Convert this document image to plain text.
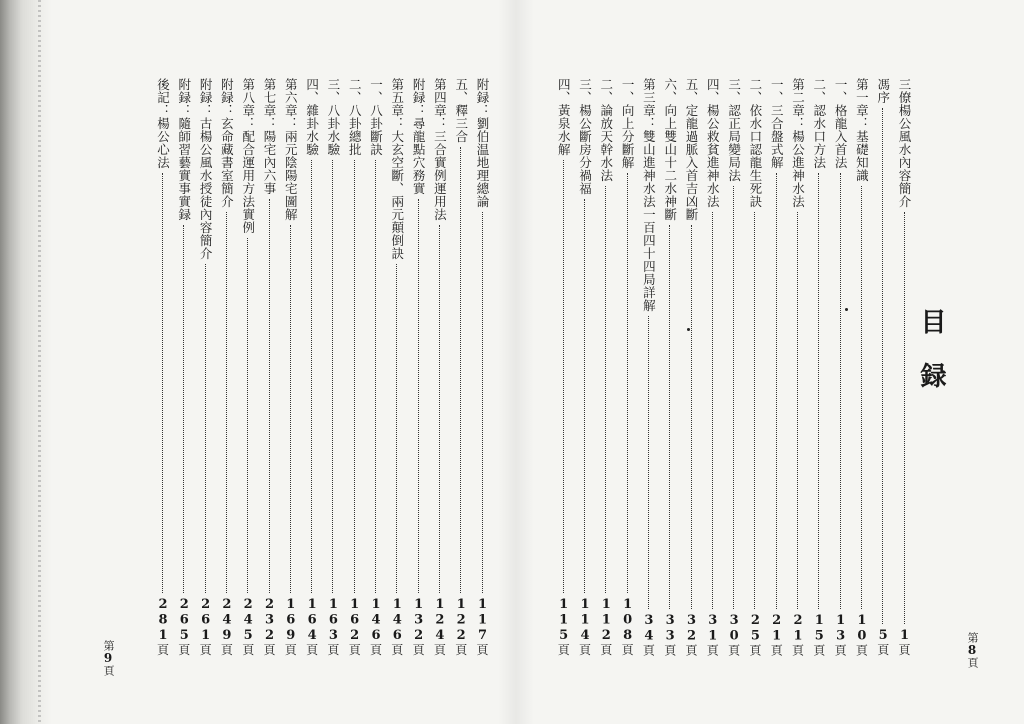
目録
三僚楊公風水內容簡介
1頁
馮序
5頁
第一章：基礎知識
10頁
一、格龍入首法
13頁
二、認水口方法
15頁
第二章：楊公進神水法
21頁
一、三合盤式解
21頁
二、依水口認龍生死訣
25頁
三、認正局變局法
30頁
四、楊公救貧進神水法
31頁
五、定龍過脈入首吉凶斷
32頁
六、向上雙山十二水神斷
33頁
第三章：雙山進神水法一百四十四局詳解
34頁
一、向上分斷解
108頁
二、論放天幹水法
112頁
三、楊公斷房分禍福
114頁
四、黃泉水解
115頁
附録：劉伯温地理總論
117頁
五、釋三合
122頁
第四章：三合實例運用法
124頁
附録：尋龍點穴務實
132頁
第五章：大玄空斷、兩元顛倒訣
146頁
一、八卦斷訣
146頁
二、八卦總批
162頁
三、八卦水驗
163頁
四、雜卦水驗
164頁
第六章：兩元陰陽宅圖解
169頁
第七章：陽宅內六事
232頁
第八章：配合運用方法實例
245頁
附録：玄命藏書室簡介
249頁
附録：古楊公風水授徒內容簡介
261頁
附録：隨師習藝實事實録
265頁
後記：楊公心法
281頁
第8頁
第9頁
